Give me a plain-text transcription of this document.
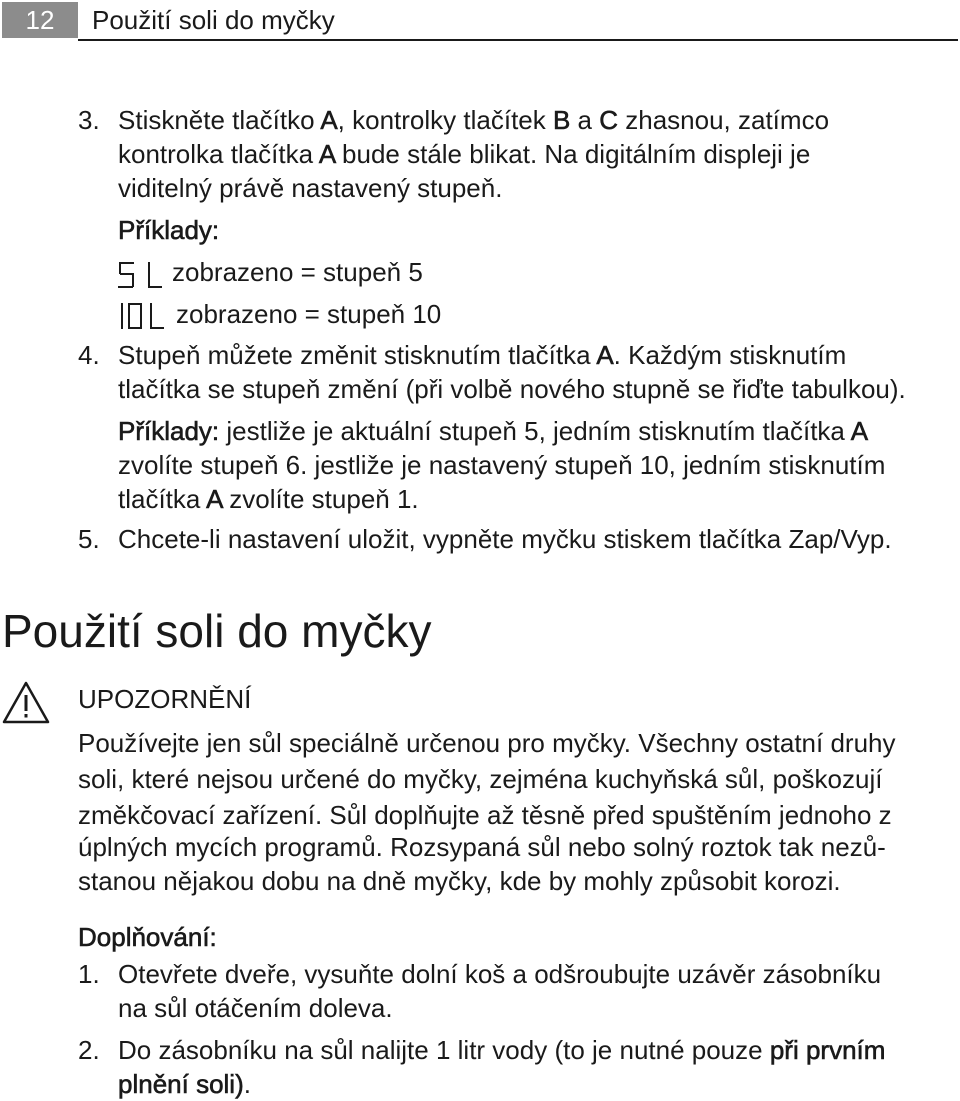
12	Použití soli do myčky
3. Stiskněte tlačítko A, kontrolky tlačítek B a C zhasnou, zatímco
kontrolka tlačítka A bude stále blikat. Na digitálním displeji je
viditelný právě nastavený stupeň.
Příklady:
zobrazeno = stupeň 5
zobrazeno = stupeň 10
4. Stupeň můžete změnit stisknutím tlačítka A. Každým stisknutím
tlačítka se stupeň změní (při volbě nového stupně se řiďte tabulkou).
Příklady: jestliže je aktuální stupeň 5, jedním stisknutím tlačítka A
zvolíte stupeň 6. jestliže je nastavený stupeň 10, jedním stisknutím
tlačítka A zvolíte stupeň 1.
5. Chcete-li nastavení uložit, vypněte myčku stiskem tlačítka Zap/Vyp.
Použití soli do myčky
UPOZORNĚNÍ
Používejte jen sůl speciálně určenou pro myčky. Všechny ostatní druhy
soli, které nejsou určené do myčky, zejména kuchyňská sůl, poškozují
změkčovací zařízení. Sůl doplňujte až těsně před spuštěním jednoho z
úplných mycích programů. Rozsypaná sůl nebo solný roztok tak nezů-
stanou nějakou dobu na dně myčky, kde by mohly způsobit korozi.
Doplňování:
1. Otevřete dveře, vysuňte dolní koš a odšroubujte uzávěr zásobníku
na sůl otáčením doleva.
2. Do zásobníku na sůl nalijte 1 litr vody (to je nutné pouze při prvním
plnění soli).
